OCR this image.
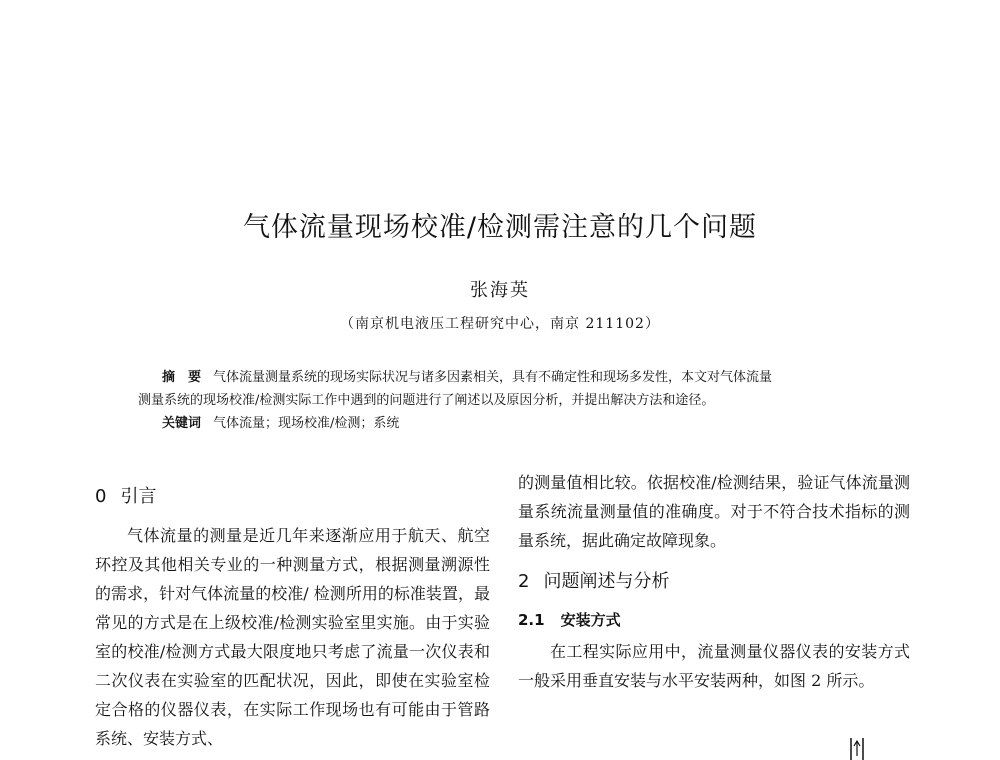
气体流量现场校准/检测需注意的几个问题
张海英
（南京机电液压工程研究中心，南京 211102）
摘　要 气体流量测量系统的现场实际状况与诸多因素相关，具有不确定性和现场多发性，本文对气体流量
测量系统的现场校准/检测实际工作中遇到的问题进行了阐述以及原因分析，并提出解决方法和途径。
关键词 气体流量；现场校准/检测；系统
0 引言

气体流量的测量是近几年来逐渐应用于航天、航空环控及其他相关专业的一种测量方式，根据测量溯源性的需求，针对气体流量的校准/ 检测所用的标准装置，最常见的方式是在上级校准/检测实验室里实施。由于实验室的校准/检测方式最大限度地只考虑了流量一次仪表和二次仪表在实验室的匹配状况，因此，即使在实验室检定合格的仪器仪表，在实际工作现场也有可能由于管路系统、安装方式、

的测量值相比较。依据校准/检测结果，验证气体流量测量系统流量测量值的准确度。对于不符合技术指标的测量系统，据此确定故障现象。

2 问题阐述与分析
2.1 安装方式

在工程实际应用中，流量测量仪器仪表的安装方式一般采用垂直安装与水平安装两种，如图 2 所示。
